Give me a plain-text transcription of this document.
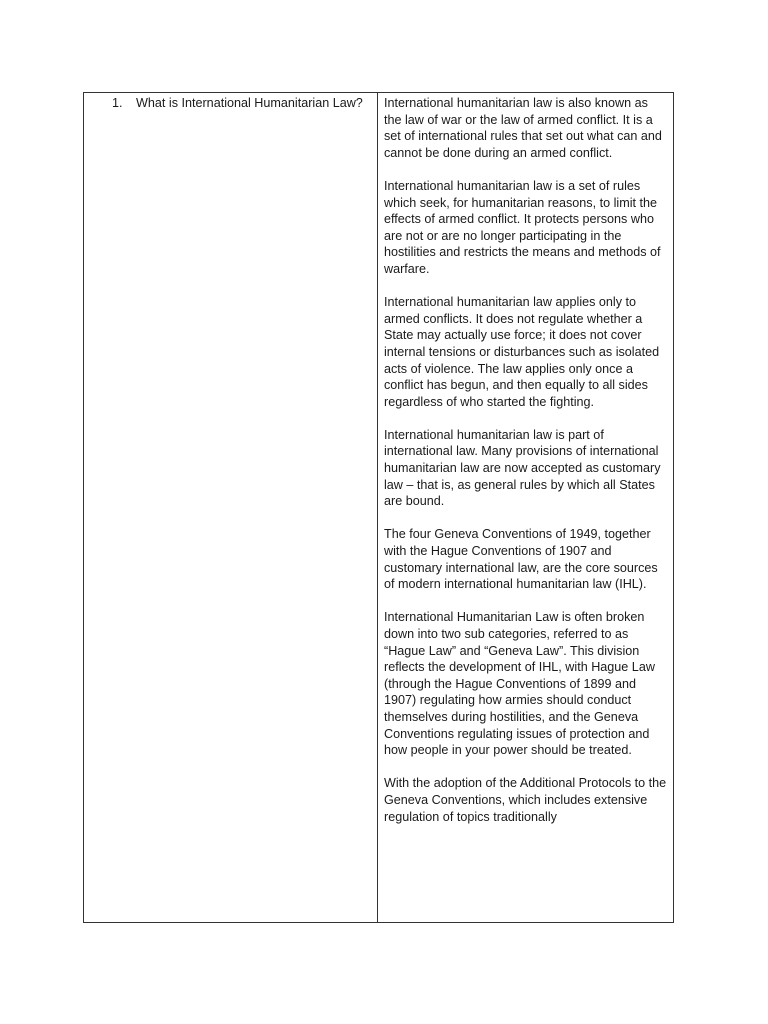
1.	What is International Humanitarian Law?	International humanitarian law is also known as the law of war or the law of armed conflict. It is a set of international rules that set out what can and cannot be done during an armed conflict.

International humanitarian law is a set of rules which seek, for humanitarian reasons, to limit the effects of armed conflict. It protects persons who are not or are no longer participating in the hostilities and restricts the means and methods of warfare.

International humanitarian law applies only to armed conflicts. It does not regulate whether a State may actually use force; it does not cover internal tensions or disturbances such as isolated acts of violence. The law applies only once a conflict has begun, and then equally to all sides regardless of who started the fighting.

International humanitarian law is part of international law. Many provisions of international humanitarian law are now accepted as customary law – that is, as general rules by which all States are bound.

The four Geneva Conventions of 1949, together with the Hague Conventions of 1907 and customary international law, are the core sources of modern international humanitarian law (IHL).

International Humanitarian Law is often broken down into two sub categories, referred to as “Hague Law” and “Geneva Law”. This division reflects the development of IHL, with Hague Law (through the Hague Conventions of 1899 and 1907) regulating how armies should conduct themselves during hostilities, and the Geneva Conventions regulating issues of protection and how people in your power should be treated.

With the adoption of the Additional Protocols to the Geneva Conventions, which includes extensive regulation of topics traditionally
